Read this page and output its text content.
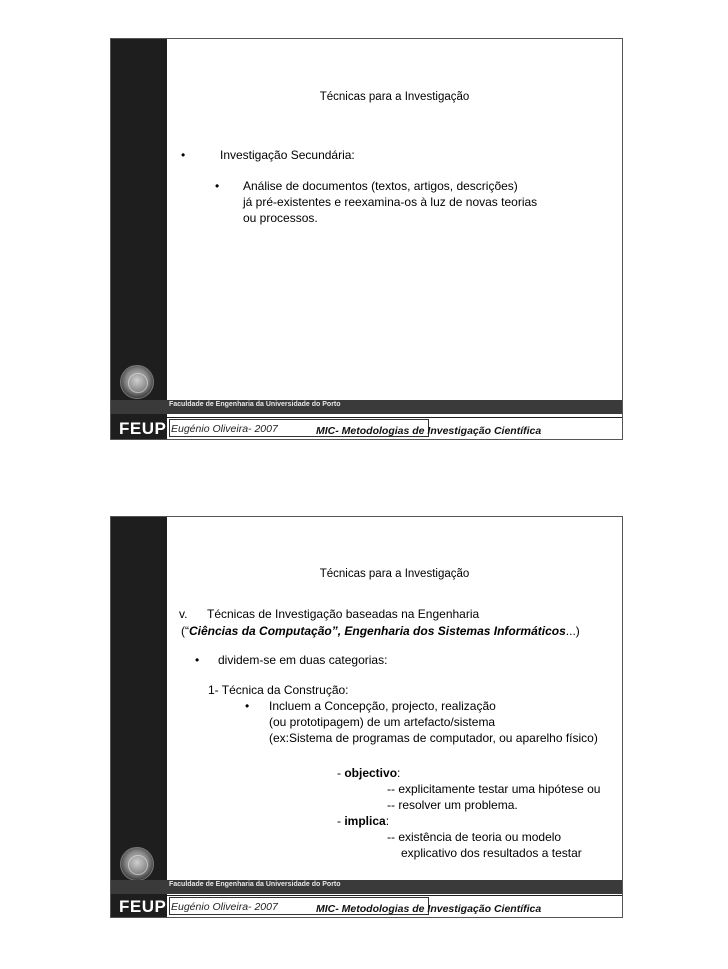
Faculdade de Engenharia da Universidade do Porto
FEUP Eugénio Oliveira- 2007	MIC- Metodologias de Investigação Científica
Técnicas para a Investigação
•	Investigação Secundária:
• Análise de documentos (textos, artigos, descrições)
já pré-existentes e reexamina-os à luz de novas teorias
ou processos.
Faculdade de Engenharia da Universidade do Porto
FEUP Eugénio Oliveira- 2007	MIC- Metodologias de Investigação Científica
Técnicas para a Investigação
v. Técnicas de Investigação baseadas na Engenharia
(“Ciências da Computação”, Engenharia dos Sistemas Informáticos...)
• dividem-se em duas categorias:
1- Técnica da Construção:
• Incluem a Concepção, projecto, realização
(ou prototipagem) de um artefacto/sistema
(ex:Sistema de programas de computador, ou aparelho físico)
- objectivo:
-- explicitamente testar uma hipótese ou
-- resolver um problema.
- implica:
-- existência de teoria ou modelo
explicativo dos resultados a testar
